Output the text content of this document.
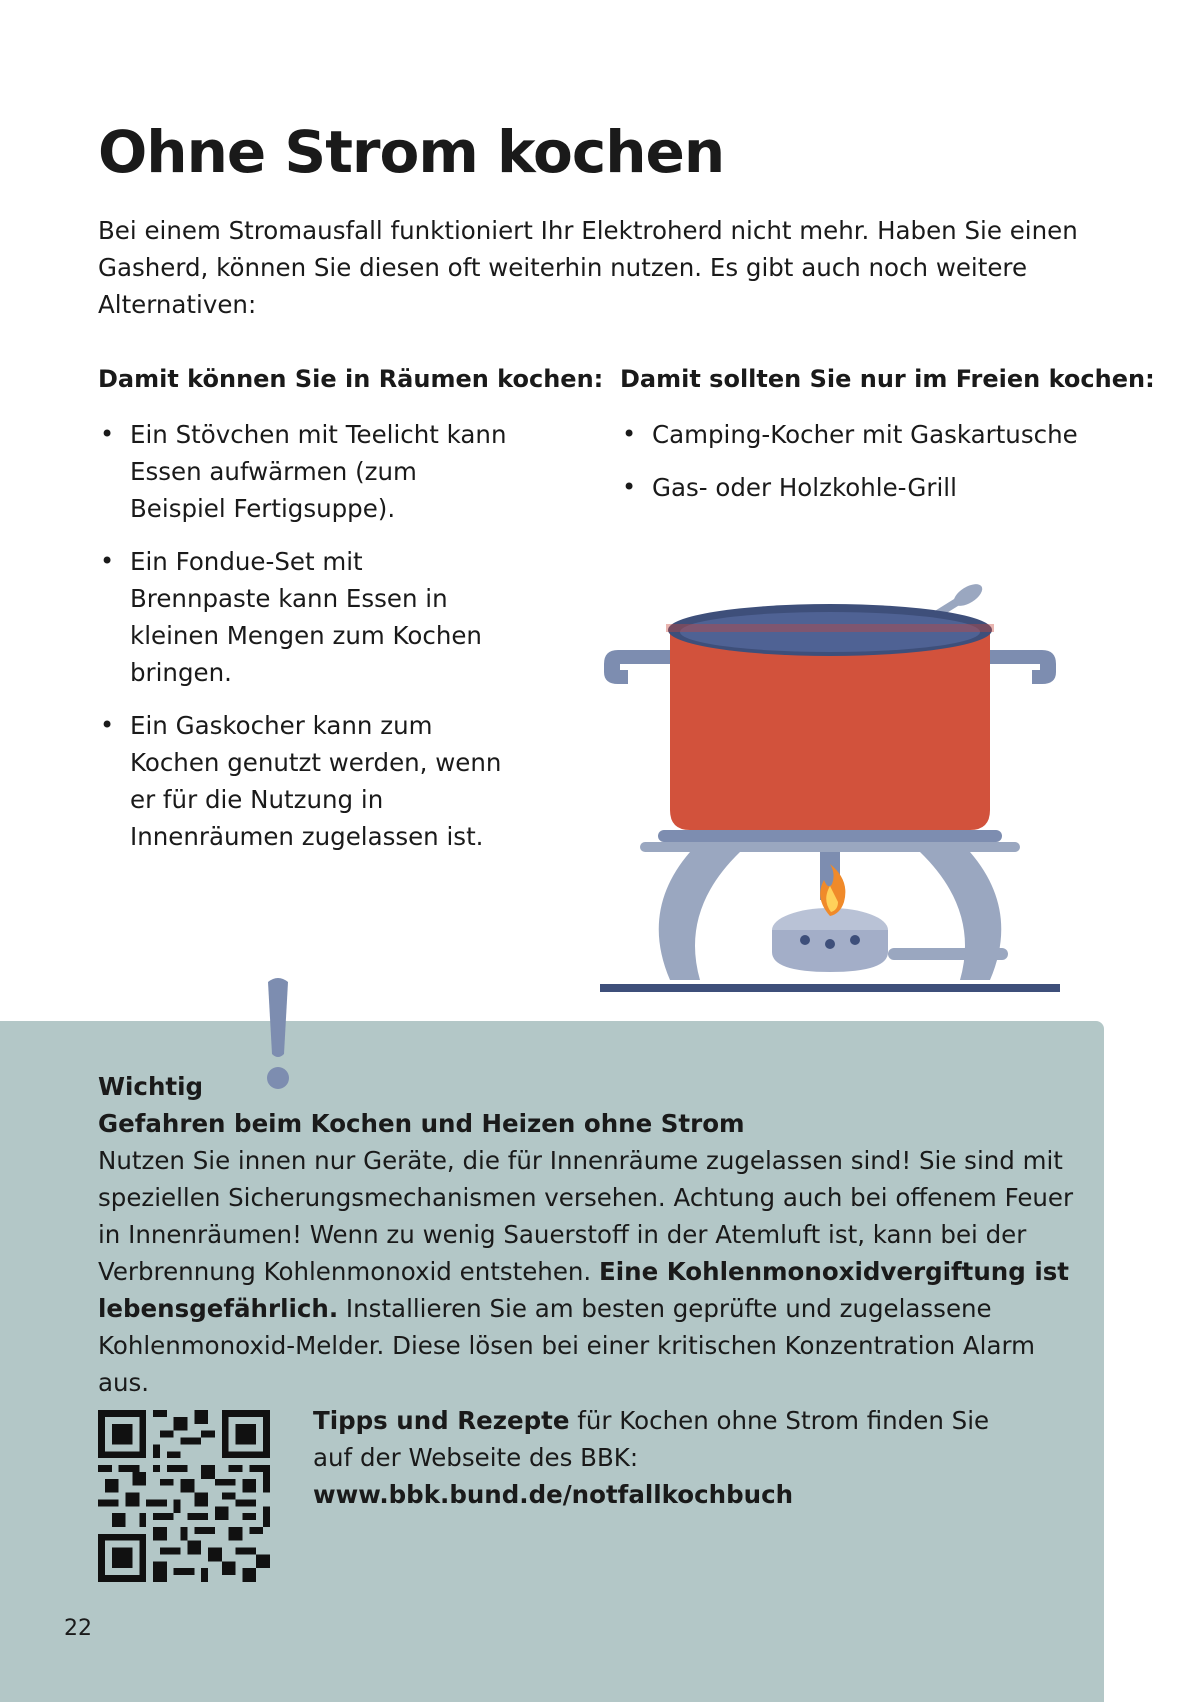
Ohne Strom kochen

Bei einem Stromausfall funktioniert Ihr Elektroherd nicht mehr. Haben Sie einen Gasherd, können Sie diesen oft weiterhin nutzen. Es gibt auch noch weitere Alternativen:

Damit können Sie in Räumen kochen:
• Ein Stövchen mit Teelicht kann Essen aufwärmen (zum Beispiel Fertigsuppe).
• Ein Fondue-Set mit Brennpaste kann Essen in kleinen Mengen zum Kochen bringen.
• Ein Gaskocher kann zum Kochen genutzt werden, wenn er für die Nutzung in Innenräumen zugelassen ist.
Damit sollten Sie nur im Freien kochen:
• Camping-Kocher mit Gaskartusche
• Gas- oder Holzkohle-Grill
Wichtig
Gefahren beim Kochen und Heizen ohne Strom
Nutzen Sie innen nur Geräte, die für Innenräume zugelassen sind! Sie sind mit speziellen Sicherungsmechanismen versehen. Achtung auch bei offenem Feuer in Innenräumen! Wenn zu wenig Sauerstoff in der Atemluft ist, kann bei der Verbrennung Kohlenmonoxid entstehen. Eine Kohlenmonoxidvergiftung ist lebensgefährlich. Installieren Sie am besten geprüfte und zugelassene Kohlenmonoxid-Melder. Diese lösen bei einer kritischen Konzentration Alarm aus.
Tipps und Rezepte für Kochen ohne Strom finden Sie auf der Webseite des BBK:
www.bbk.bund.de/notfallkochbuch
22
